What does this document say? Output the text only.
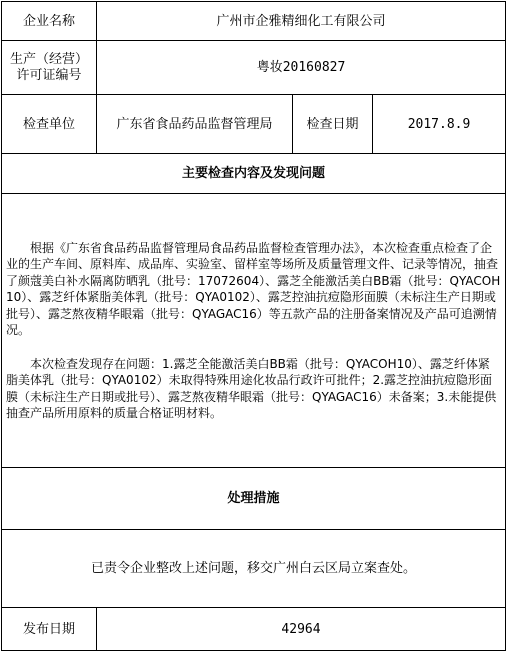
企业名称	广州市企雅精细化工有限公司		

生产（经营）
许可证编号	粤妆20160827		
检查单位	广东省食品药品监督管理局	检查日期	2017.8.9
主要检查内容及发现问题			

根据《广东省食品药品监督管理局食品药品监督检查管理办法》，本次检查重点检查了企业的生产车间、原料库、成品库、实验室、留样室等场所及质量管理文件、记录等情况，抽查了颜蔻美白补水隔离防晒乳（批号：17072604）、露芝全能激活美白BB霜（批号：QYACOH10）、露芝纤体紧脂美体乳（批号：QYA0102）、露芝控油抗痘隐形面膜（未标注生产日期或批号）、露芝熬夜精华眼霜（批号：QYAGAC16）等五款产品的注册备案情况及产品可追溯情况。

本次检查发现存在问题：1.露芝全能激活美白BB霜（批号：QYACOH10）、露芝纤体紧脂美体乳（批号：QYA0102）未取得特殊用途化妆品行政许可批件；2.露芝控油抗痘隐形面膜（未标注生产日期或批号）、露芝熬夜精华眼霜（批号：QYAGAC16）未备案；3.未能提供抽查产品所用原料的质量合格证明材料。			

处理措施			
已责令企业整改上述问题，移交广州白云区局立案查处。			
发布日期	42964		
